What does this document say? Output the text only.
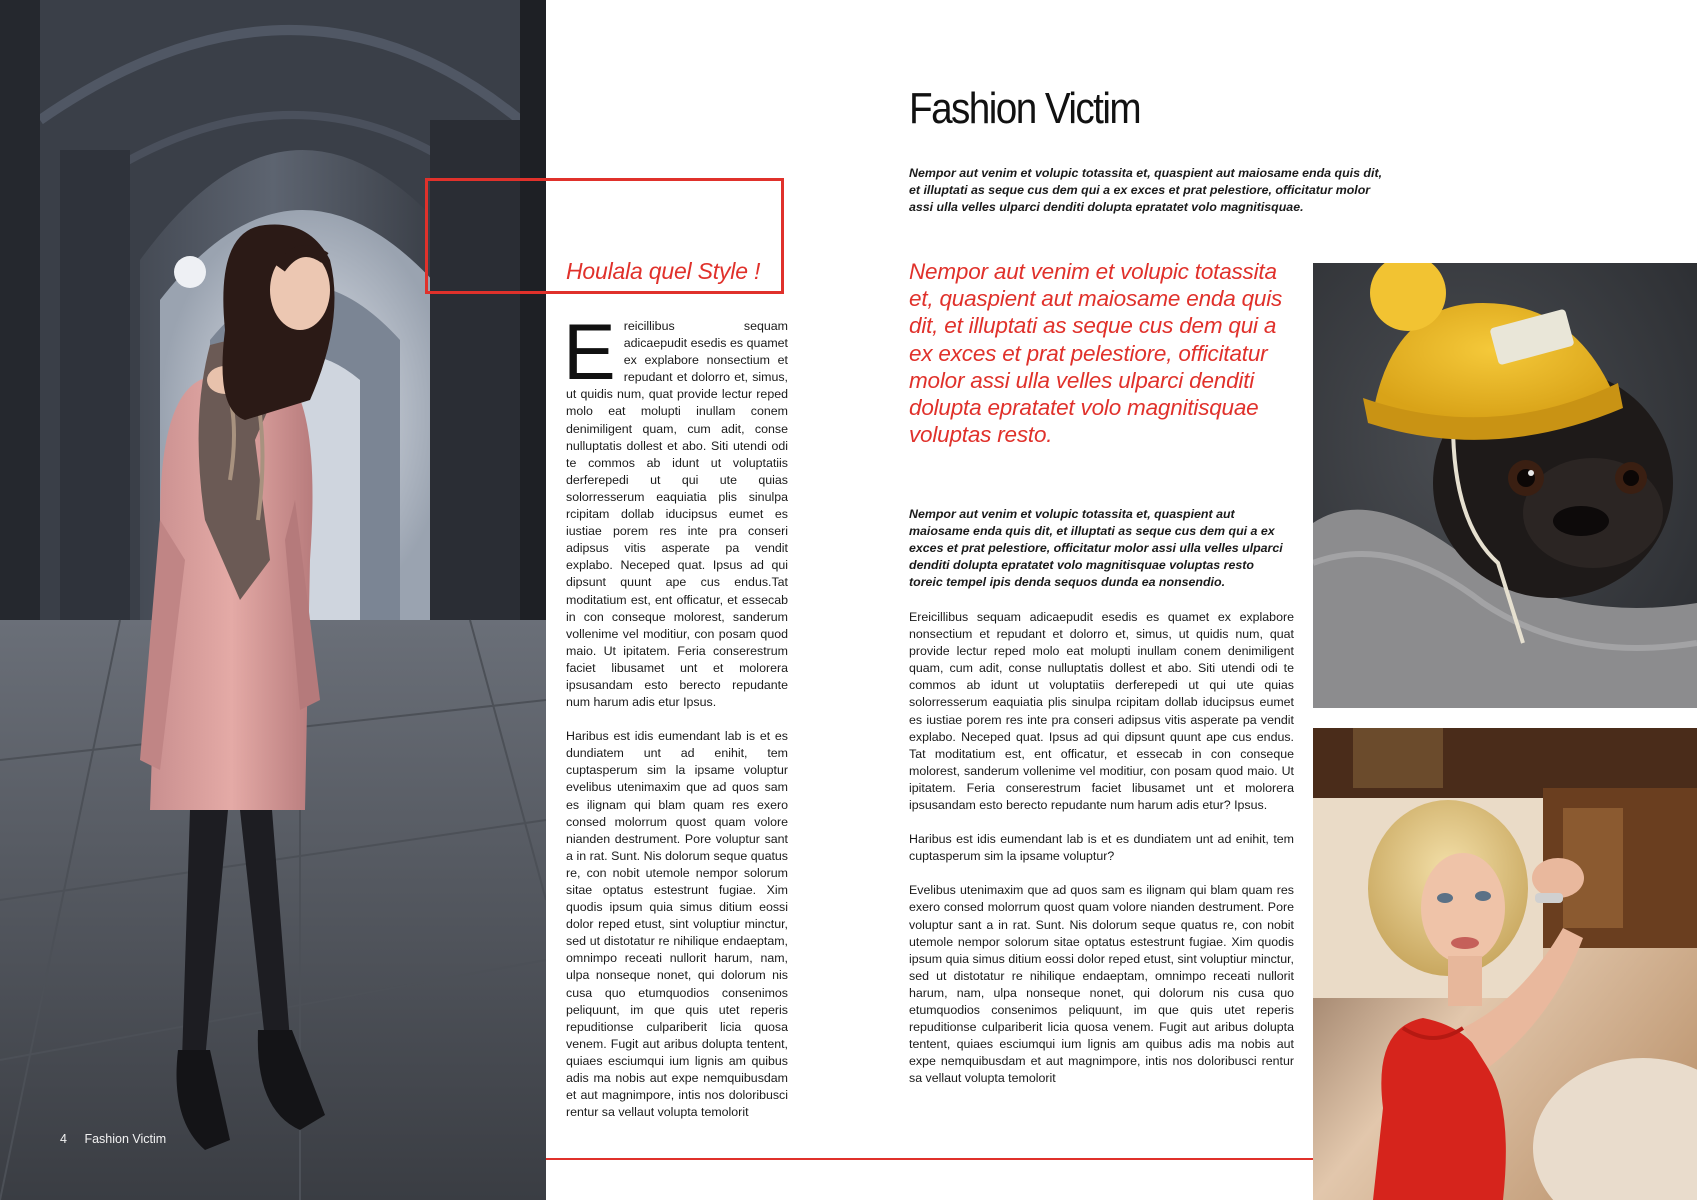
4 Fashion Victim
Houlala quel Style !

Ereicillibus sequam adicaepudit esedis es quamet ex explabore nonsectium et repudant et dolorro et, simus, ut quidis num, quat provide lectur reped molo eat molupti inullam conem denimiligent quam, cum adit, conse nulluptatis dollest et abo. Siti utendi odi te commos ab idunt ut voluptatiis derferepedi ut qui ute quias solorresserum eaquiatia plis sinulpa rcipitam dollab iducipsus eumet es iustiae porem res inte pra conseri adipsus vitis asperate pa vendit explabo. Neceped quat. Ipsus ad qui dipsunt quunt ape cus endus.Tat moditatium est, ent officatur, et essecab in con conseque molorest, sanderum vollenime vel moditiur, con posam quod maio. Ut ipitatem. Feria conserestrum faciet libusamet unt et molorera ipsusandam esto berecto repudante num harum adis etur Ipsus.

Haribus est idis eumendant lab is et es dundiatem unt ad enihit, tem cuptasperum sim la ipsame voluptur evelibus utenimaxim que ad quos sam es ilignam qui blam quam res exero consed molorrum quost quam volore nianden destrument. Pore voluptur sant a in rat. Sunt. Nis dolorum seque quatus re, con nobit utemole nempor solorum sitae optatus estestrunt fugiae. Xim quodis ipsum quia simus ditium eossi dolor reped etust, sint voluptiur minctur, sed ut distotatur re nihilique endaeptam, omnimpo receati nullorit harum, nam, ulpa nonseque nonet, qui dolorum nis cusa quo etumquodios consenimos peliquunt, im que quis utet reperis repuditionse culpariberit licia quosa venem. Fugit aut aribus dolupta tentent, quiaes esciumqui ium lignis am quibus adis ma nobis aut expe nemquibusdam et aut magnimpore, intis nos doloribusci rentur sa vellaut volupta temolorit

Fashion Victim
Nempor aut venim et volupic totassita et, quaspient aut maiosame enda quis dit, et illuptati as seque cus dem qui a ex exces et prat pelestiore, officitatur molor assi ulla velles ulparci denditi dolupta epratatet volo magnitisquae.
Nempor aut venim et volupic totassita et, quaspient aut maiosame enda quis dit, et illuptati as seque cus dem qui a ex exces et prat pelestiore, officitatur molor assi ulla velles ulparci denditi dolupta epratatet volo magnitisquae voluptas resto.
Nempor aut venim et volupic totassita et, quaspient aut maiosame enda quis dit, et illuptati as seque cus dem qui a ex exces et prat pelestiore, officitatur molor assi ulla velles ulparci denditi dolupta epratatet volo magnitisquae voluptas resto toreic tempel ipis denda sequos dunda ea nonsendio.

Ereicillibus sequam adicaepudit esedis es quamet ex explabore nonsectium et repudant et dolorro et, simus, ut quidis num, quat provide lectur reped molo eat molupti inullam conem denimiligent quam, cum adit, conse nulluptatis dollest et abo. Siti utendi odi te commos ab idunt ut voluptatiis derferepedi ut qui ute quias solorresserum eaquiatia plis sinulpa rcipitam dollab iducipsus eumet es iustiae porem res inte pra conseri adipsus vitis asperate pa vendit explabo. Neceped quat. Ipsus ad qui dipsunt quunt ape cus endus. Tat moditatium est, ent officatur, et essecab in con conseque molorest, sanderum vollenime vel moditiur, con posam quod maio. Ut ipitatem. Feria conserestrum faciet libusamet unt et molorera ipsusandam esto berecto repudante num harum adis etur? Ipsus.

Haribus est idis eumendant lab is et es dundiatem unt ad enihit, tem cuptasperum sim la ipsame voluptur?

Evelibus utenimaxim que ad quos sam es ilignam qui blam quam res exero consed molorrum quost quam volore nianden destrument. Pore voluptur sant a in rat. Sunt. Nis dolorum seque quatus re, con nobit utemole nempor solorum sitae optatus estestrunt fugiae. Xim quodis ipsum quia simus ditium eossi dolor reped etust, sint voluptiur minctur, sed ut distotatur re nihilique endaeptam, omnimpo receati nullorit harum, nam, ulpa nonseque nonet, qui dolorum nis cusa quo etumquodios consenimos peliquunt, im que quis utet reperis repuditionse culpariberit licia quosa venem. Fugit aut aribus dolupta tentent, quiaes esciumqui ium lignis am quibus adis ma nobis aut expe nemquibusdam et aut magnimpore, intis nos doloribusci rentur sa vellaut volupta temolorit
